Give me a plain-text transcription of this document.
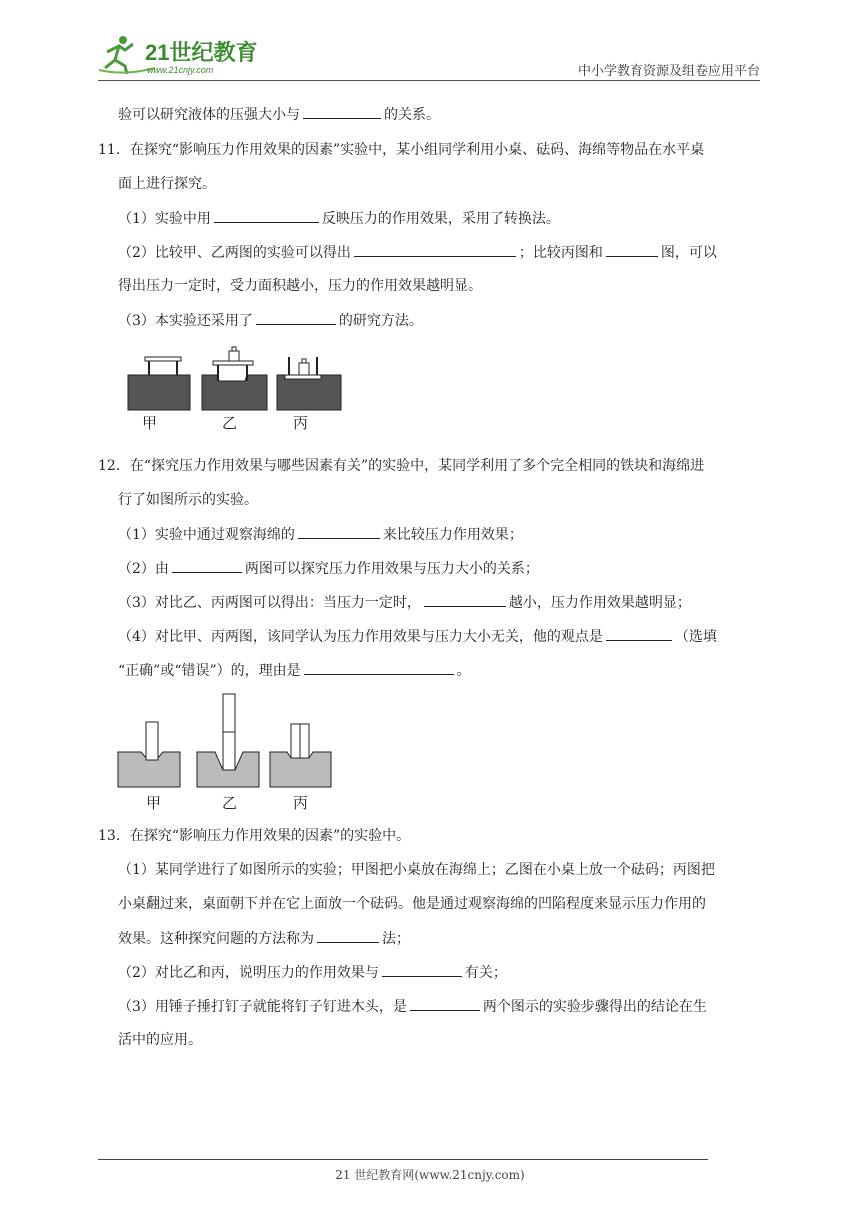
21世纪教育
www.21cnjy.com	中小学教育资源及组卷应用平台
验可以研究液体的压强大小与	的关系。
11．在探究“影响压力作用效果的因素”实验中，某小组同学利用小桌、砝码、海绵等物品在水平桌
面上进行探究。
（1）实验中用	反映压力的作用效果，采用了转换法。
（2）比较甲、乙两图的实验可以得出	；比较丙图和	图，可以
得出压力一定时，受力面积越小，压力的作用效果越明显。
（3）本实验还采用了	的研究方法。
甲	乙	丙
12．在“探究压力作用效果与哪些因素有关”的实验中，某同学利用了多个完全相同的铁块和海绵进
行了如图所示的实验。
（1）实验中通过观察海绵的	来比较压力作用效果；
（2）由	两图可以探究压力作用效果与压力大小的关系；
（3）对比乙、丙两图可以得出：当压力一定时，	越小，压力作用效果越明显；
（4）对比甲、丙两图，该同学认为压力作用效果与压力大小无关，他的观点是	（选填
“正确”或“错误”）的，理由是	。
甲	乙	丙
13．在探究“影响压力作用效果的因素”的实验中。
（1）某同学进行了如图所示的实验；甲图把小桌放在海绵上；乙图在小桌上放一个砝码；丙图把
小桌翻过来，桌面朝下并在它上面放一个砝码。他是通过观察海绵的凹陷程度来显示压力作用的
效果。这种探究问题的方法称为	法；
（2）对比乙和丙，说明压力的作用效果与	有关；
（3）用锤子捶打钉子就能将钉子钉进木头，是	两个图示的实验步骤得出的结论在生
活中的应用。
21 世纪教育网(www.21cnjy.com)
